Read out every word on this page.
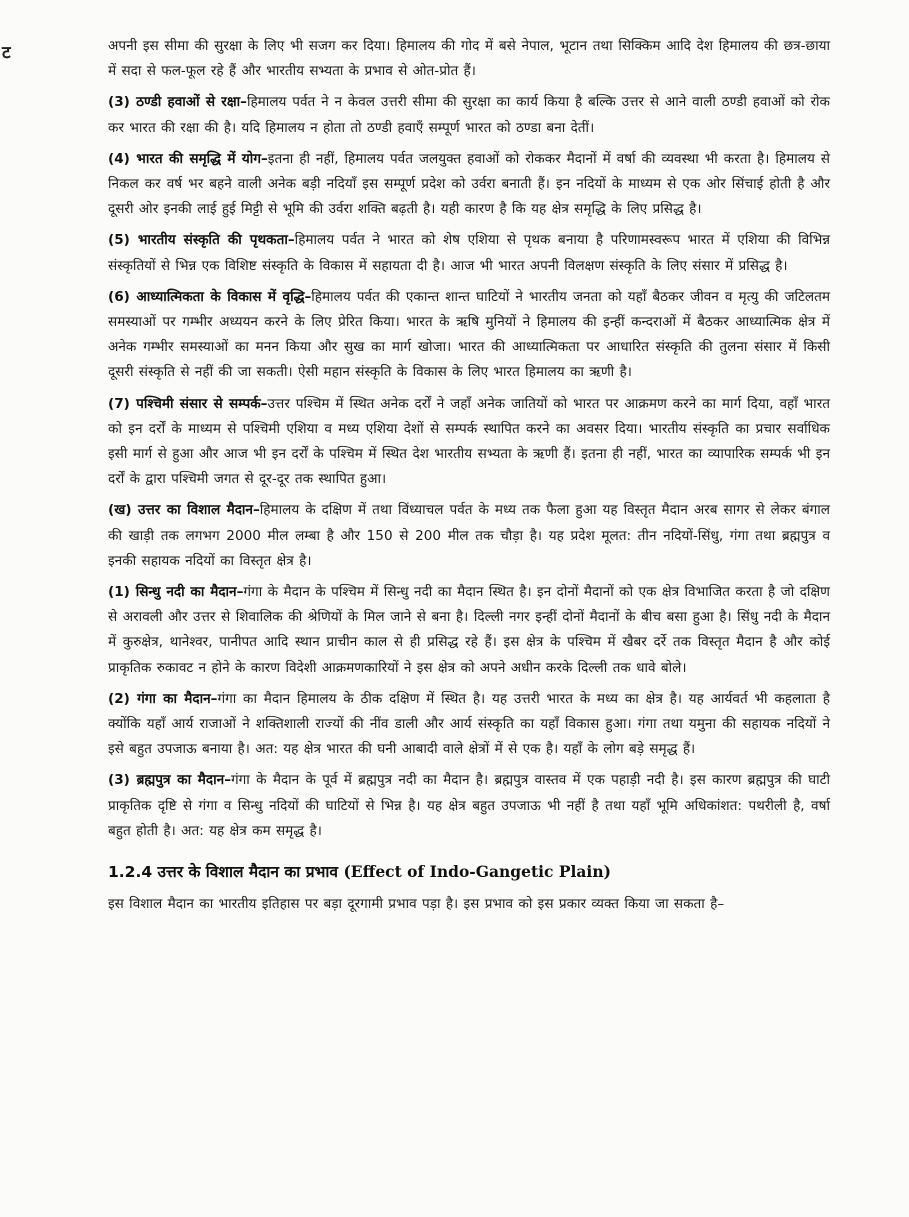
ट	अपनी इस सीमा की सुरक्षा के लिए भी सजग कर दिया। हिमालय की गोद में बसे नेपाल, भूटान तथा सिक्किम आदि देश हिमालय की छत्र-छाया में सदा से फल-फूल रहे हैं और भारतीय सभ्यता के प्रभाव से ओत-प्रोत हैं।

(3) ठण्डी हवाओं से रक्षा–हिमालय पर्वत ने न केवल उत्तरी सीमा की सुरक्षा का कार्य किया है बल्कि उत्तर से आने वाली ठण्डी हवाओं को रोक कर भारत की रक्षा की है। यदि हिमालय न होता तो ठण्डी हवाएँ सम्पूर्ण भारत को ठण्डा बना देतीं।

(4) भारत की समृद्धि में योग–इतना ही नहीं, हिमालय पर्वत जलयुक्त हवाओं को रोककर मैदानों में वर्षा की व्यवस्था भी करता है। हिमालय से निकल कर वर्ष भर बहने वाली अनेक बड़ी नदियाँ इस सम्पूर्ण प्रदेश को उर्वरा बनाती हैं। इन नदियों के माध्यम से एक ओर सिंचाई होती है और दूसरी ओर इनकी लाई हुई मिट्टी से भूमि की उर्वरा शक्ति बढ़ती है। यही कारण है कि यह क्षेत्र समृद्धि के लिए प्रसिद्ध है।

(5) भारतीय संस्कृति की पृथकता–हिमालय पर्वत ने भारत को शेष एशिया से पृथक बनाया है परिणामस्वरूप भारत में एशिया की विभिन्न संस्कृतियों से भिन्न एक विशिष्ट संस्कृति के विकास में सहायता दी है। आज भी भारत अपनी विलक्षण संस्कृति के लिए संसार में प्रसिद्ध है।

(6) आध्यात्मिकता के विकास में वृद्धि–हिमालय पर्वत की एकान्त शान्त घाटियों ने भारतीय जनता को यहाँ बैठकर जीवन व मृत्यु की जटिलतम समस्याओं पर गम्भीर अध्ययन करने के लिए प्रेरित किया। भारत के ऋषि मुनियों ने हिमालय की इन्हीं कन्दराओं में बैठकर आध्यात्मिक क्षेत्र में अनेक गम्भीर समस्याओं का मनन किया और सुख का मार्ग खोजा। भारत की आध्यात्मिकता पर आधारित संस्कृति की तुलना संसार में किसी दूसरी संस्कृति से नहीं की जा सकती। ऐसी महान संस्कृति के विकास के लिए भारत हिमालय का ऋणी है।

(7) पश्चिमी संसार से सम्पर्क–उत्तर पश्चिम में स्थित अनेक दर्रों ने जहाँ अनेक जातियों को भारत पर आक्रमण करने का मार्ग दिया, वहाँ भारत को इन दर्रों के माध्यम से पश्चिमी एशिया व मध्य एशिया देशों से सम्पर्क स्थापित करने का अवसर दिया। भारतीय संस्कृति का प्रचार सर्वाधिक इसी मार्ग से हुआ और आज भी इन दर्रों के पश्चिम में स्थित देश भारतीय सभ्यता के ऋणी हैं। इतना ही नहीं, भारत का व्यापारिक सम्पर्क भी इन दर्रों के द्वारा पश्चिमी जगत से दूर-दूर तक स्थापित हुआ।

(ख) उत्तर का विशाल मैदान–हिमालय के दक्षिण में तथा विंध्याचल पर्वत के मध्य तक फैला हुआ यह विस्तृत मैदान अरब सागर से लेकर बंगाल की खाड़ी तक लगभग 2000 मील लम्बा है और 150 से 200 मील तक चौड़ा है। यह प्रदेश मूलत: तीन नदियों-सिंधु, गंगा तथा ब्रह्मपुत्र व इनकी सहायक नदियों का विस्तृत क्षेत्र है।

(1) सिन्धु नदी का मैदान–गंगा के मैदान के पश्चिम में सिन्धु नदी का मैदान स्थित है। इन दोनों मैदानों को एक क्षेत्र विभाजित करता है जो दक्षिण से अरावली और उत्तर से शिवालिक की श्रेणियों के मिल जाने से बना है। दिल्ली नगर इन्हीं दोनों मैदानों के बीच बसा हुआ है। सिंधु नदी के मैदान में कुरुक्षेत्र, थानेश्वर, पानीपत आदि स्थान प्राचीन काल से ही प्रसिद्ध रहे हैं। इस क्षेत्र के पश्चिम में खैबर दर्रे तक विस्तृत मैदान है और कोई प्राकृतिक रुकावट न होने के कारण विदेशी आक्रमणकारियों ने इस क्षेत्र को अपने अधीन करके दिल्ली तक धावे बोले।

(2) गंगा का मैदान–गंगा का मैदान हिमालय के ठीक दक्षिण में स्थित है। यह उत्तरी भारत के मध्य का क्षेत्र है। यह आर्यवर्त भी कहलाता है क्योंकि यहाँ आर्य राजाओं ने शक्तिशाली राज्यों की नींव डाली और आर्य संस्कृति का यहाँ विकास हुआ। गंगा तथा यमुना की सहायक नदियों ने इसे बहुत उपजाऊ बनाया है। अत: यह क्षेत्र भारत की घनी आबादी वाले क्षेत्रों में से एक है। यहाँ के लोग बड़े समृद्ध हैं।

(3) ब्रह्मपुत्र का मैदान–गंगा के मैदान के पूर्व में ब्रह्मपुत्र नदी का मैदान है। ब्रह्मपुत्र वास्तव में एक पहाड़ी नदी है। इस कारण ब्रह्मपुत्र की घाटी प्राकृतिक दृष्टि से गंगा व सिन्धु नदियों की घाटियों से भिन्न है। यह क्षेत्र बहुत उपजाऊ भी नहीं है तथा यहाँ भूमि अधिकांशत: पथरीली है, वर्षा बहुत होती है। अत: यह क्षेत्र कम समृद्ध है।

1.2.4 उत्तर के विशाल मैदान का प्रभाव (Effect of Indo-Gangetic Plain)

इस विशाल मैदान का भारतीय इतिहास पर बड़ा दूरगामी प्रभाव पड़ा है। इस प्रभाव को इस प्रकार व्यक्त किया जा सकता है–
